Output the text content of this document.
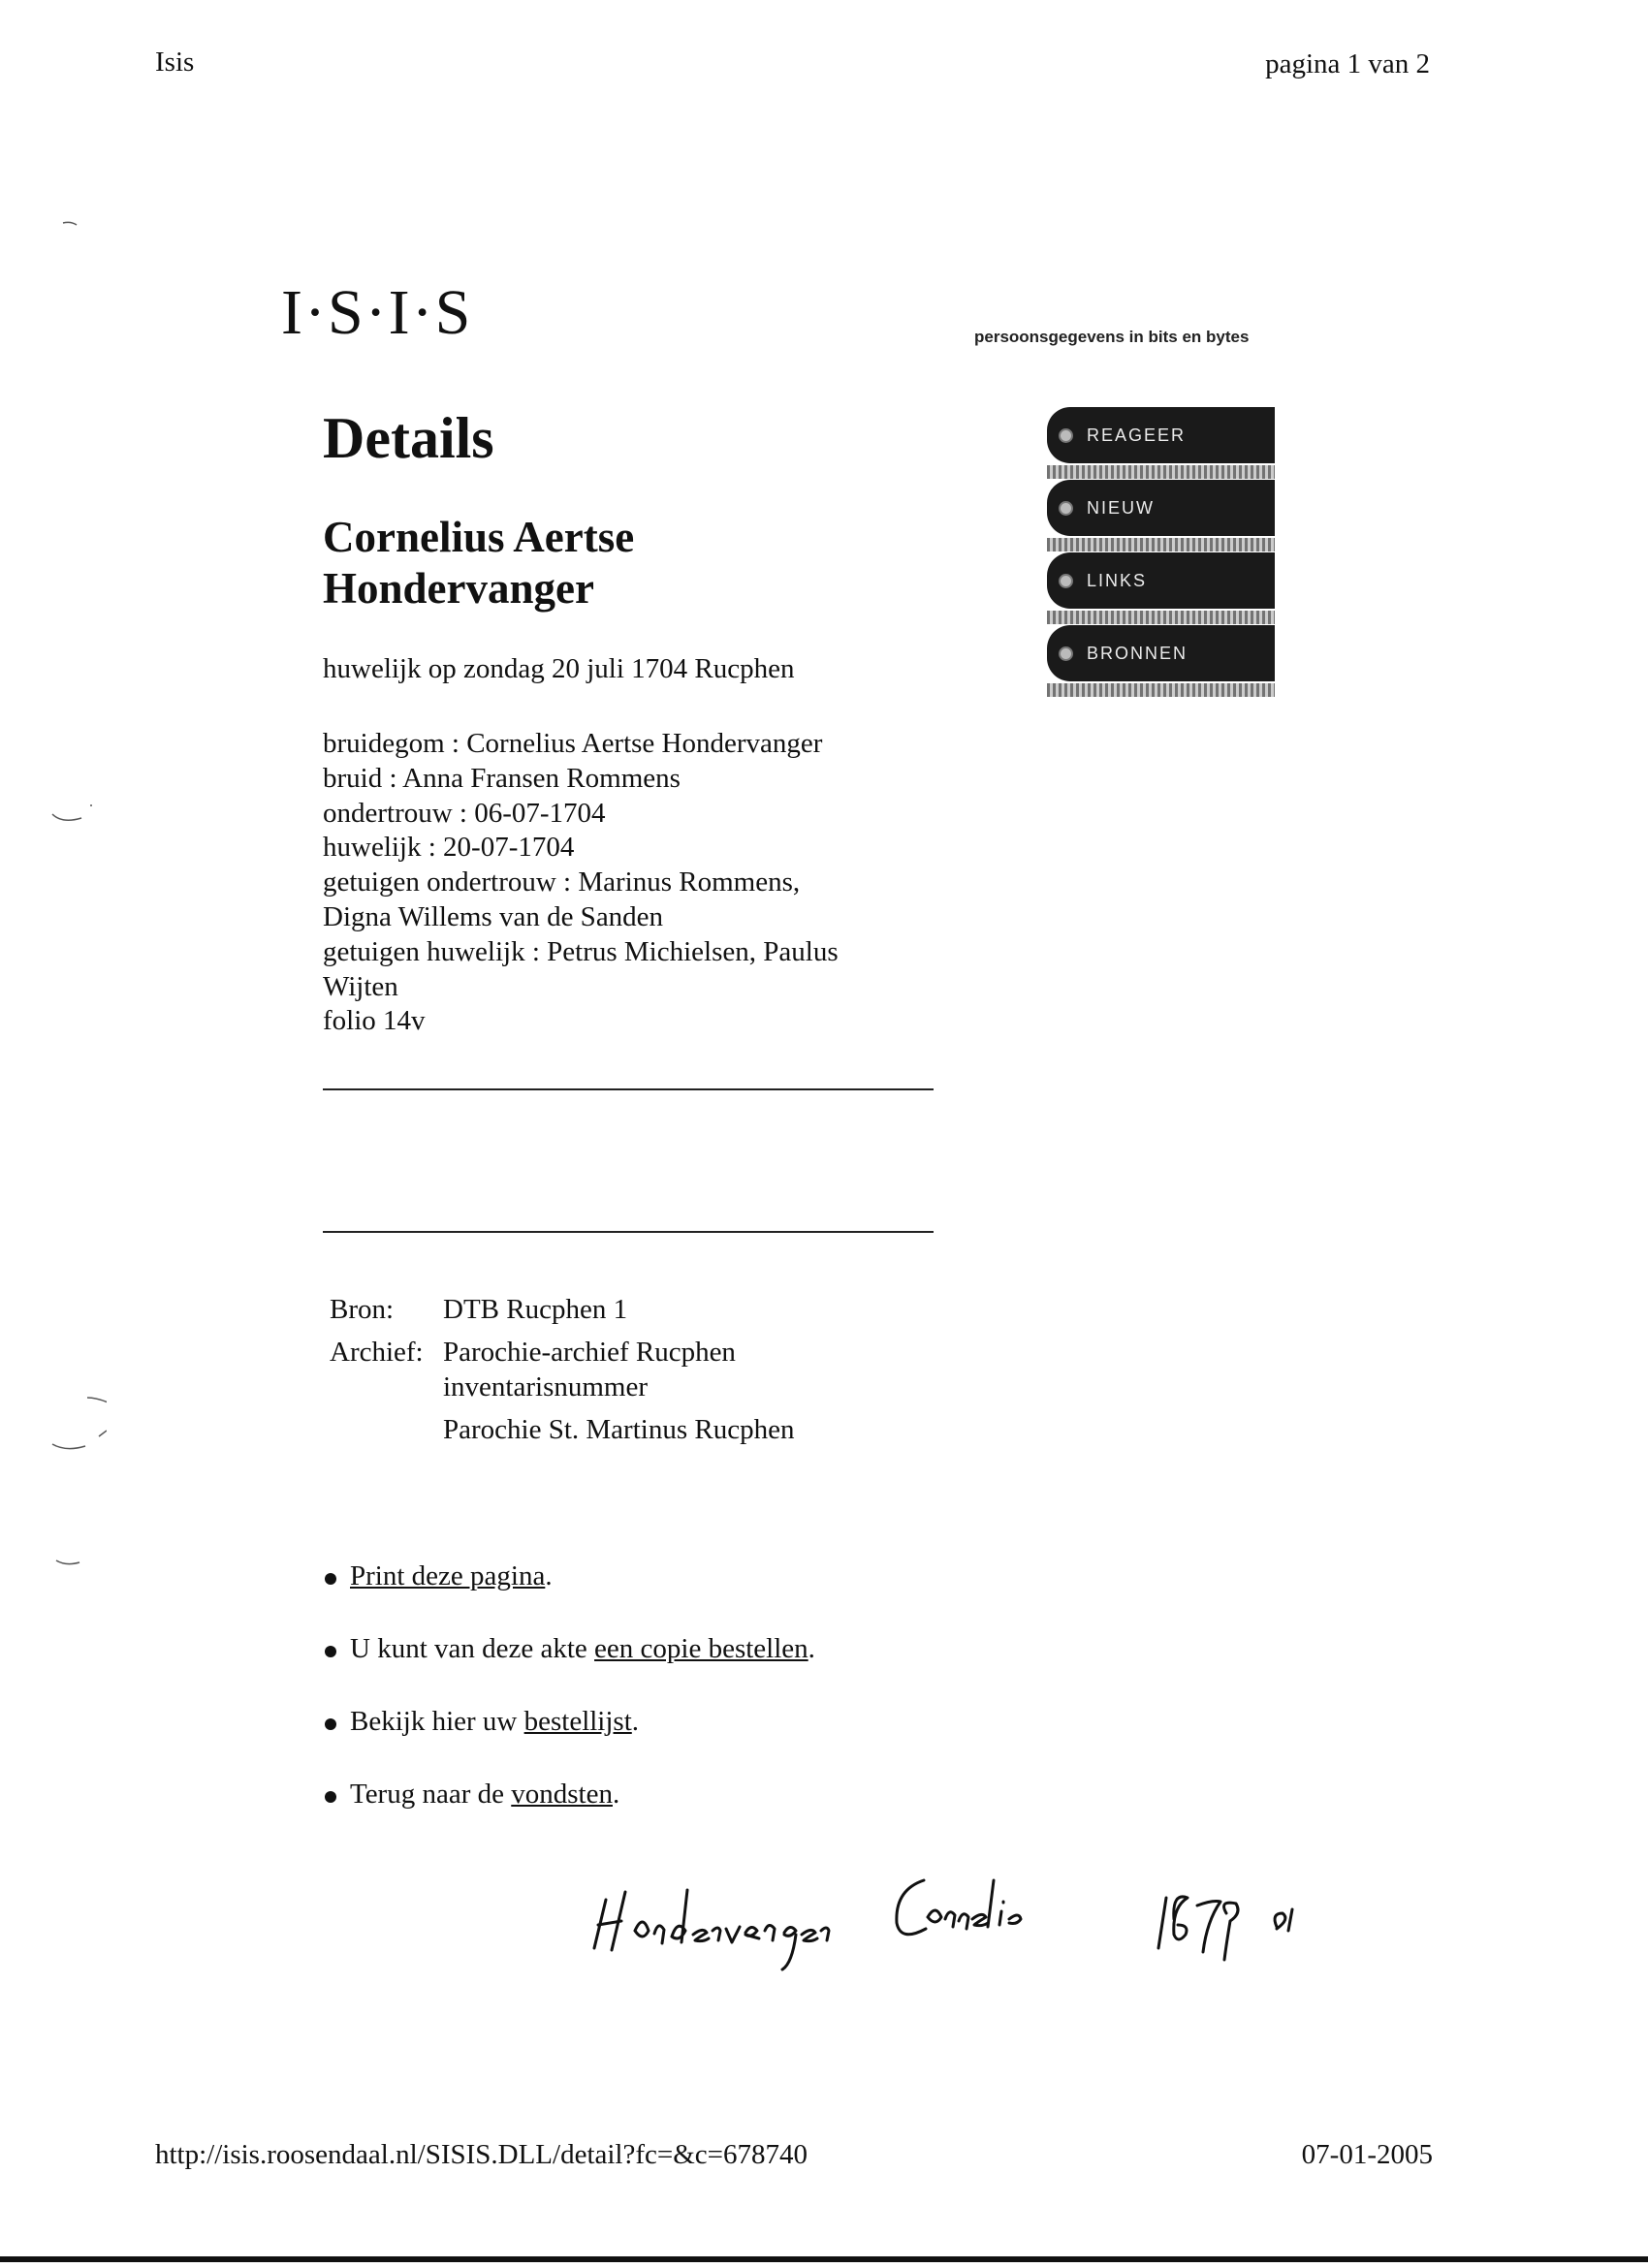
Isis	pagina 1 van 2
I·S·I·S	persoonsgegevens in bits en bytes
REAGEER
NIEUW
LINKS
BRONNEN
Details
Cornelius Aertse
Hondervanger
huwelijk op zondag 20 juli 1704 Rucphen
bruidegom : Cornelius Aertse Hondervanger
bruid : Anna Fransen Rommens
ondertrouw : 06-07-1704
huwelijk : 20-07-1704
getuigen ondertrouw : Marinus Rommens,
Digna Willems van de Sanden
getuigen huwelijk : Petrus Michielsen, Paulus
Wijten
folio 14v
Bron:	DTB Rucphen 1
Archief: Parochie-archief Rucphen
inventarisnummer
Parochie St. Martinus Rucphen
Print deze pagina.
U kunt van deze akte een copie bestellen.
Bekijk hier uw bestellijst.
Terug naar de vondsten.
http://isis.roosendaal.nl/SISIS.DLL/detail?fc=&c=678740	07-01-2005
